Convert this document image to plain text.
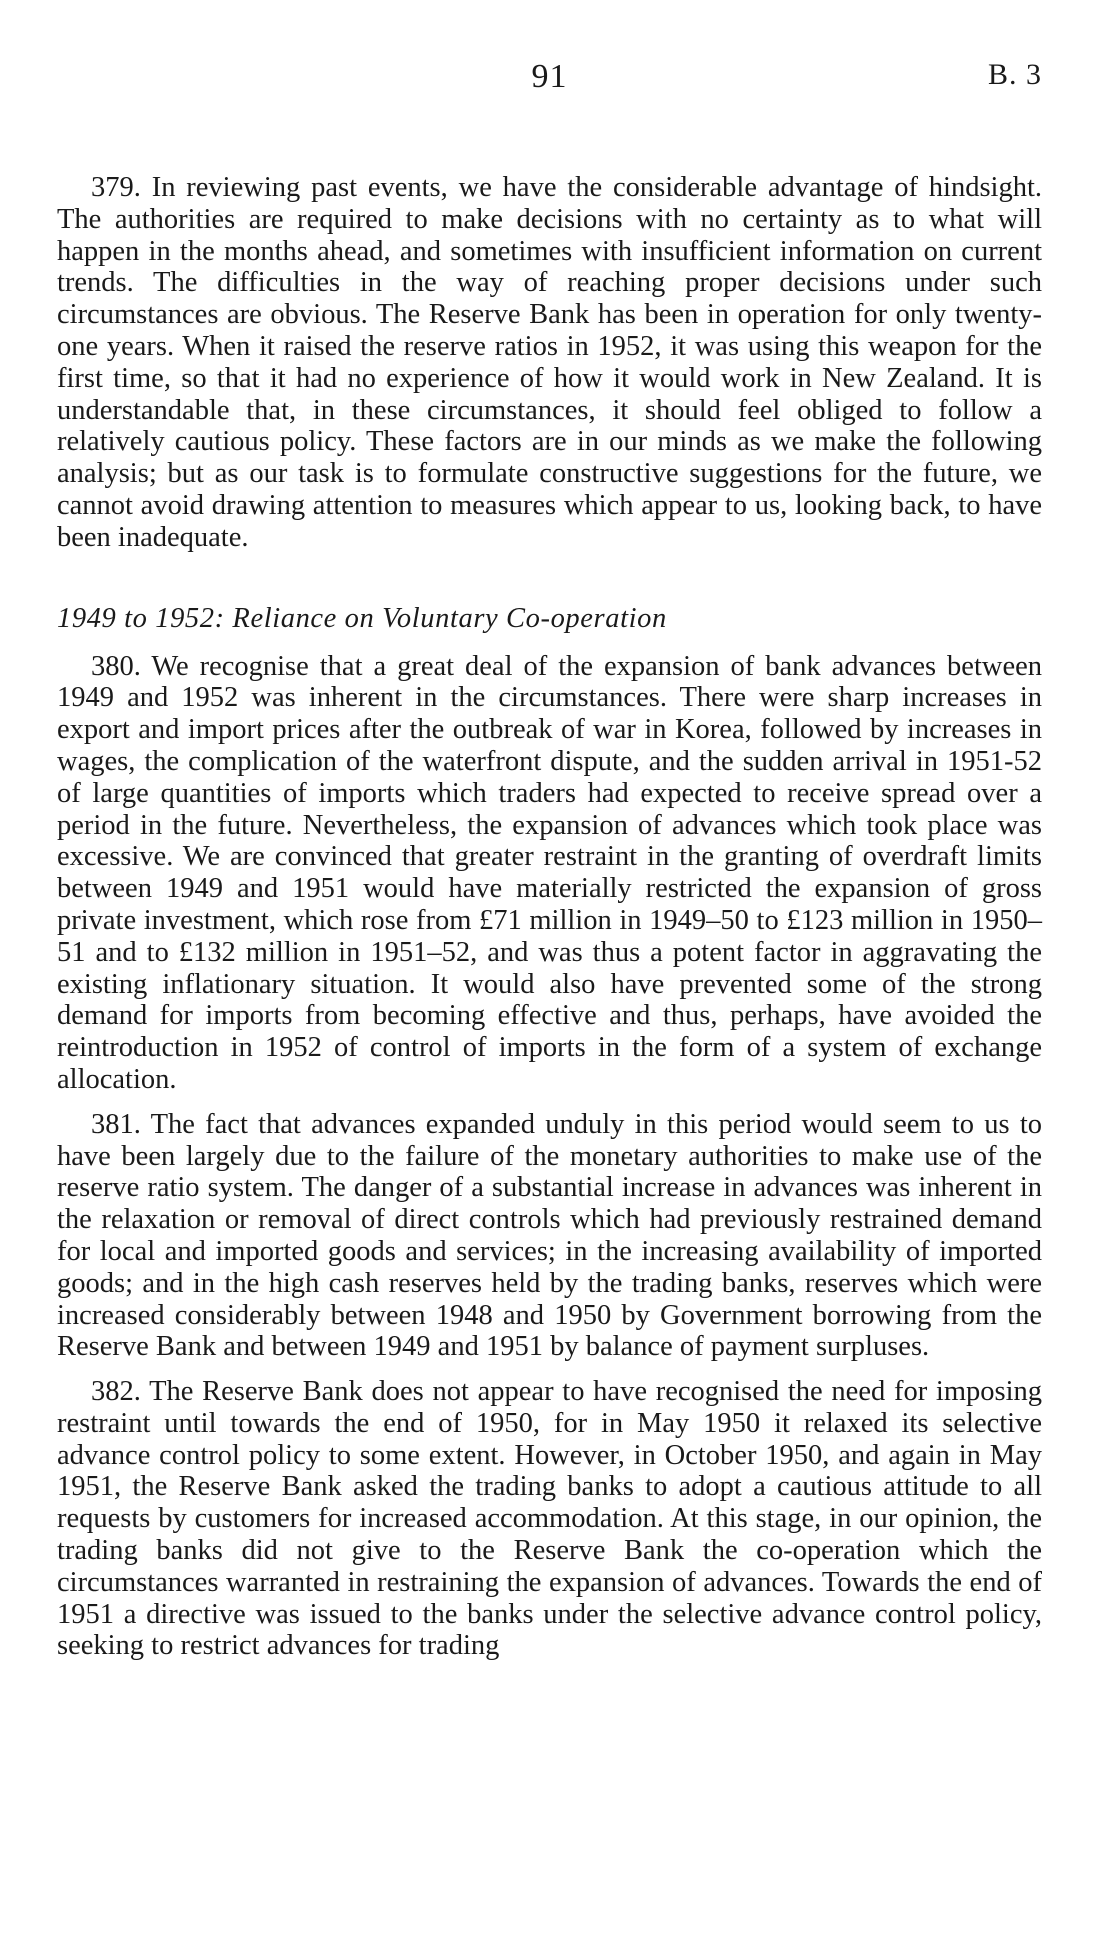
91	B. 3

379. In reviewing past events, we have the considerable advantage of hindsight. The authorities are required to make decisions with no certainty as to what will happen in the months ahead, and sometimes with insufficient information on current trends. The difficulties in the way of reaching proper decisions under such circumstances are obvious. The Reserve Bank has been in operation for only twenty-one years. When it raised the reserve ratios in 1952, it was using this weapon for the first time, so that it had no experience of how it would work in New Zealand. It is understandable that, in these circumstances, it should feel obliged to follow a relatively cautious policy. These factors are in our minds as we make the following analysis; but as our task is to formulate constructive suggestions for the future, we cannot avoid drawing attention to measures which appear to us, looking back, to have been inadequate.

1949 to 1952: Reliance on Voluntary Co-operation

380. We recognise that a great deal of the expansion of bank advances between 1949 and 1952 was inherent in the circumstances. There were sharp increases in export and import prices after the outbreak of war in Korea, followed by increases in wages, the complication of the waterfront dispute, and the sudden arrival in 1951-52 of large quantities of imports which traders had expected to receive spread over a period in the future. Nevertheless, the expansion of advances which took place was excessive. We are convinced that greater restraint in the granting of overdraft limits between 1949 and 1951 would have materially restricted the expansion of gross private investment, which rose from £71 million in 1949–50 to £123 million in 1950–51 and to £132 million in 1951–52, and was thus a potent factor in aggravating the existing inflationary situation. It would also have prevented some of the strong demand for imports from becoming effective and thus, perhaps, have avoided the reintroduction in 1952 of control of imports in the form of a system of exchange allocation.

381. The fact that advances expanded unduly in this period would seem to us to have been largely due to the failure of the monetary authorities to make use of the reserve ratio system. The danger of a substantial increase in advances was inherent in the relaxation or removal of direct controls which had previously restrained demand for local and imported goods and services; in the increasing availability of imported goods; and in the high cash reserves held by the trading banks, reserves which were increased considerably between 1948 and 1950 by Government borrowing from the Reserve Bank and between 1949 and 1951 by balance of payment surpluses.

382. The Reserve Bank does not appear to have recognised the need for imposing restraint until towards the end of 1950, for in May 1950 it relaxed its selective advance control policy to some extent. However, in October 1950, and again in May 1951, the Reserve Bank asked the trading banks to adopt a cautious attitude to all requests by customers for increased accommodation. At this stage, in our opinion, the trading banks did not give to the Reserve Bank the co-operation which the circumstances warranted in restraining the expansion of advances. Towards the end of 1951 a directive was issued to the banks under the selective advance control policy, seeking to restrict advances for trading
